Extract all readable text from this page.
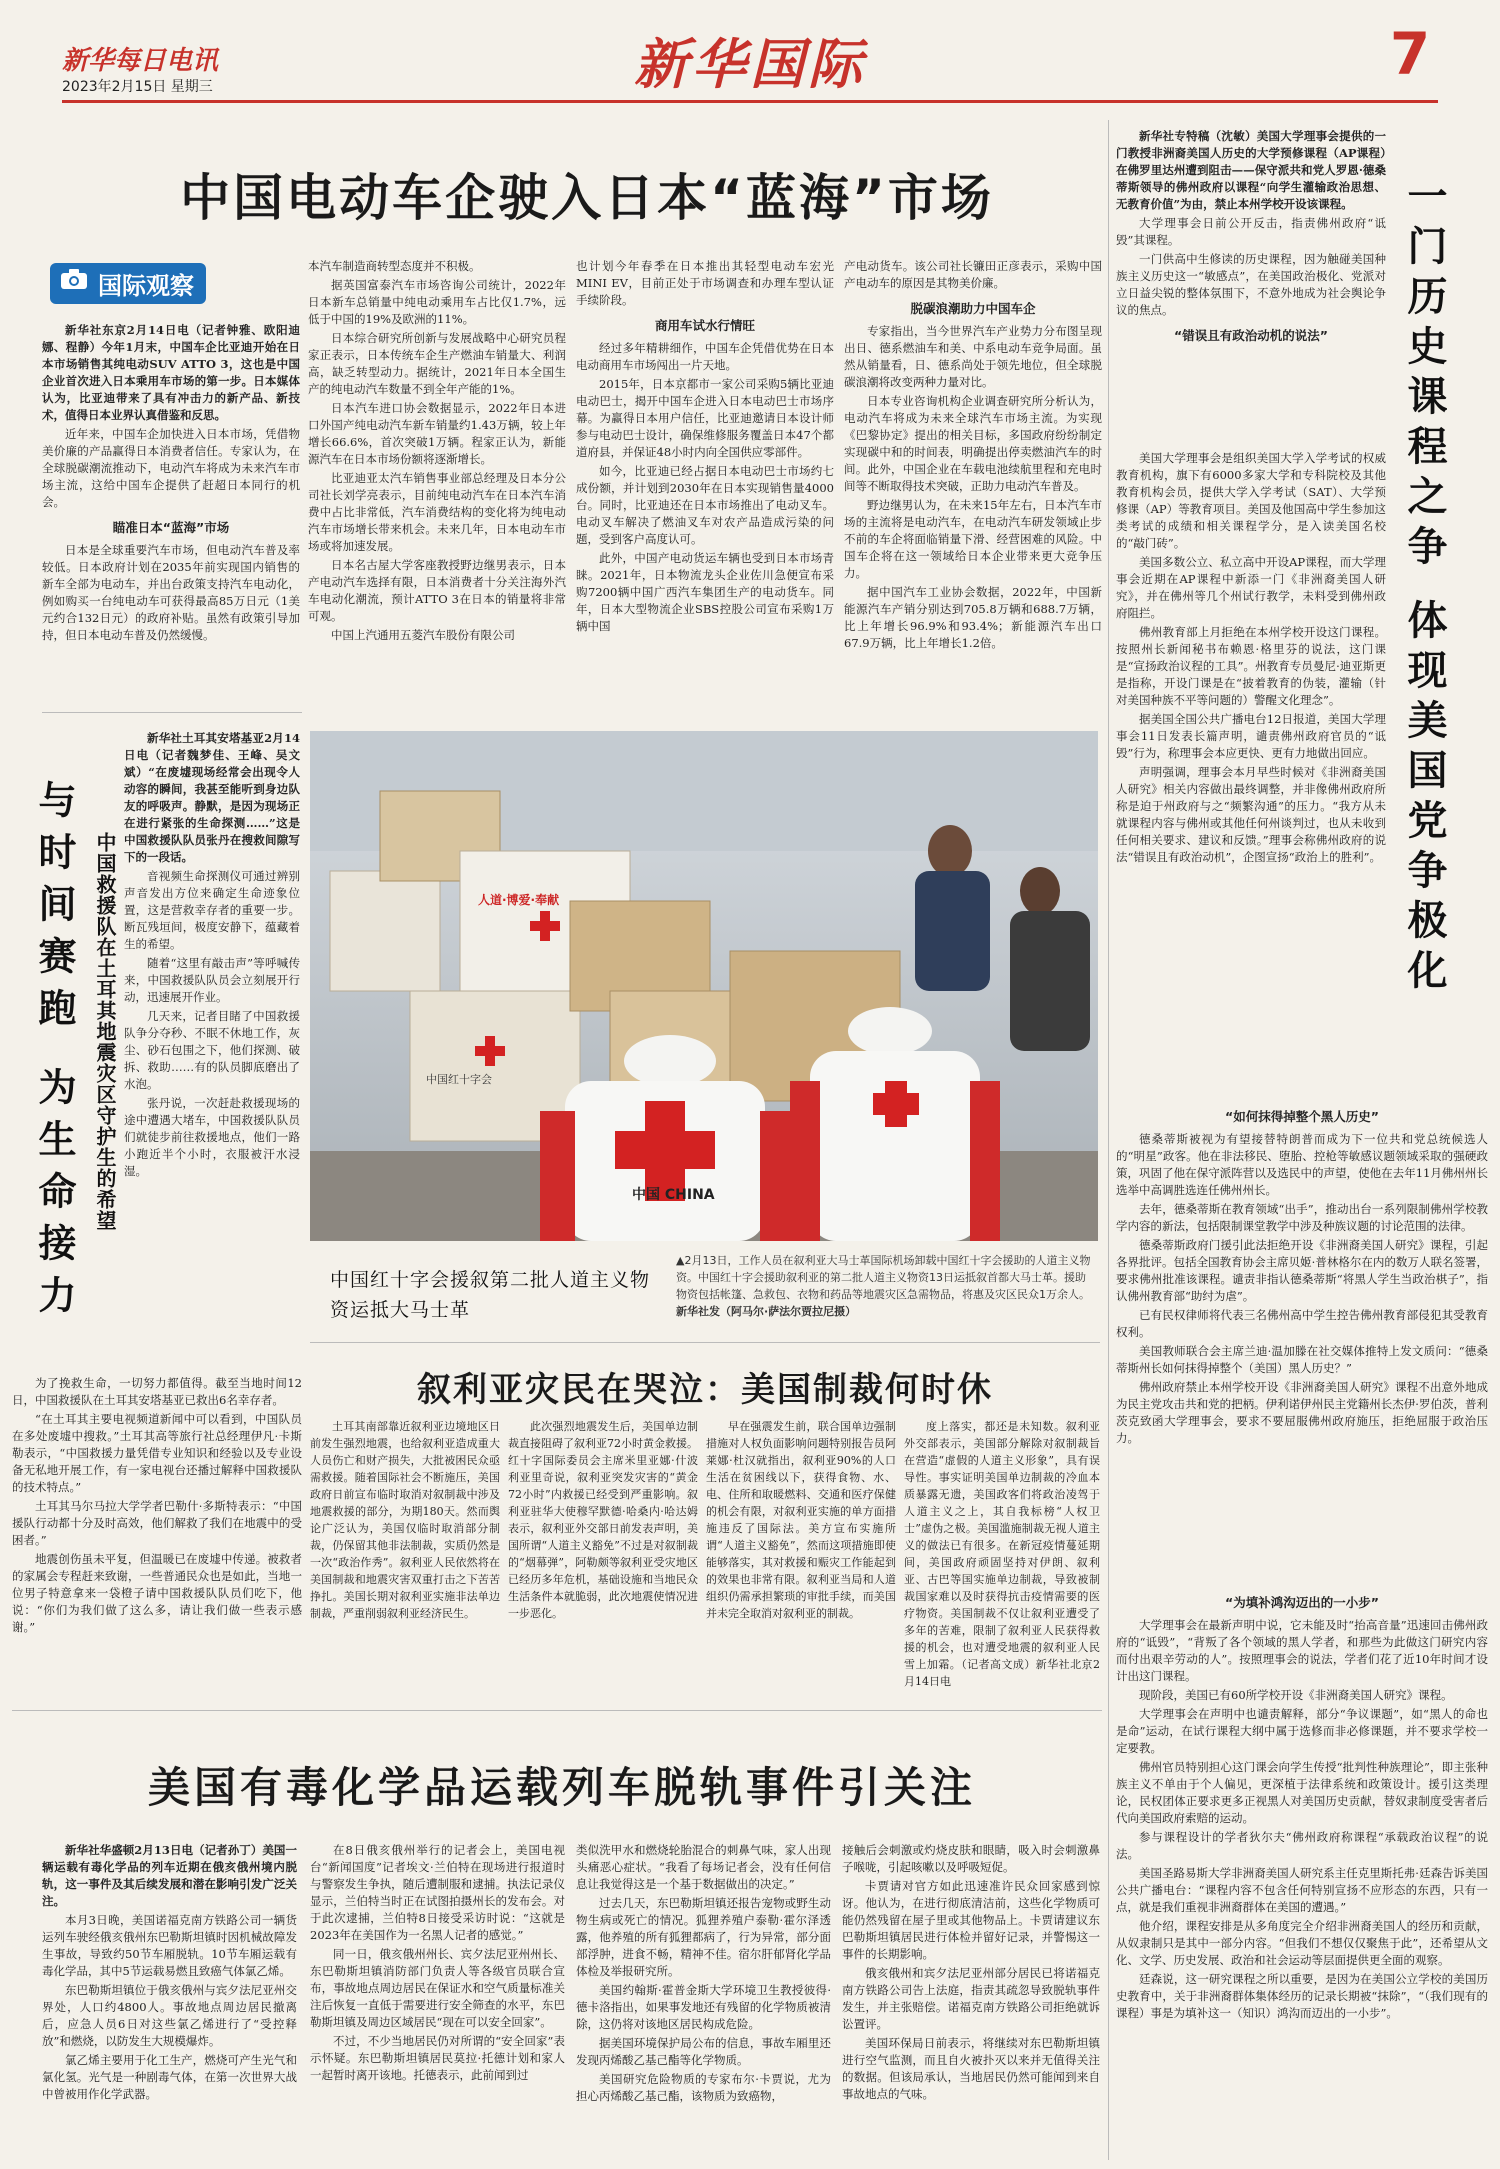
新华每日电讯
2023年2月15日 星期三	新华国际	7
中国电动车企驶入日本“蓝海”市场
国际观察

新华社东京2月14日电（记者钟雅、欧阳迪娜、程静）今年1月末，中国车企比亚迪开始在日本市场销售其纯电动SUV ATTO 3，这也是中国企业首次进入日本乘用车市场的第一步。日本媒体认为，比亚迪带来了具有冲击力的新产品、新技术，值得日本业界认真借鉴和反思。

近年来，中国车企加快进入日本市场，凭借物美价廉的产品赢得日本消费者信任。专家认为，在全球脱碳潮流推动下，电动汽车将成为未来汽车市场主流，这给中国车企提供了赶超日本同行的机会。

瞄准日本“蓝海”市场

日本是全球重要汽车市场，但电动汽车普及率较低。日本政府计划在2035年前实现国内销售的新车全部为电动车，并出台政策支持汽车电动化，例如购买一台纯电动车可获得最高85万日元（1美元约合132日元）的政府补贴。虽然有政策引导加持，但日本电动车普及仍然缓慢。

本汽车制造商转型态度并不积极。

据英国富泰汽车市场咨询公司统计，2022年日本新车总销量中纯电动乘用车占比仅1.7%，远低于中国的19%及欧洲的11%。

日本综合研究所创新与发展战略中心研究员程家正表示，日本传统车企生产燃油车销量大、利润高，缺乏转型动力。据统计，2021年日本全国生产的纯电动汽车数量不到全年产能的1%。

日本汽车进口协会数据显示，2022年日本进口外国产纯电动汽车新车销量约1.43万辆，较上年增长66.6%，首次突破1万辆。程家正认为，新能源汽车在日本市场份额将逐渐增长。

比亚迪亚太汽车销售事业部总经理及日本分公司社长刘学亮表示，目前纯电动汽车在日本汽车消费中占比非常低，汽车消费结构的变化将为纯电动汽车市场增长带来机会。未来几年，日本电动车市场或将加速发展。

日本名古屋大学客座教授野边继男表示，日本产电动汽车选择有限，日本消费者十分关注海外汽车电动化潮流，预计ATTO 3在日本的销量将非常可观。

中国上汽通用五菱汽车股份有限公司

也计划今年春季在日本推出其轻型电动车宏光MINI EV，目前正处于市场调查和办理车型认证手续阶段。

商用车试水行情旺

经过多年精耕细作，中国车企凭借优势在日本电动商用车市场闯出一片天地。

2015年，日本京都市一家公司采购5辆比亚迪电动巴士，揭开中国车企进入日本电动巴士市场序幕。为赢得日本用户信任，比亚迪邀请日本设计师参与电动巴士设计，确保维修服务覆盖日本47个都道府县，并保证48小时内向全国供应零部件。

如今，比亚迪已经占据日本电动巴士市场约七成份额，并计划到2030年在日本实现销售量4000台。同时，比亚迪还在日本市场推出了电动叉车。电动叉车解决了燃油叉车对农产品造成污染的问题，受到客户高度认可。

此外，中国产电动货运车辆也受到日本市场青睐。2021年，日本物流龙头企业佐川急便宣布采购7200辆中国广西汽车集团生产的电动货车。同年，日本大型物流企业SBS控股公司宣布采购1万辆中国

产电动货车。该公司社长镰田正彦表示，采购中国产电动车的原因是其物美价廉。

脱碳浪潮助力中国车企

专家指出，当今世界汽车产业势力分布图呈现出日、德系燃油车和美、中系电动车竞争局面。虽然从销量看，日、德系尚处于领先地位，但全球脱碳浪潮将改变两种力量对比。

日本专业咨询机构企业调查研究所分析认为，电动汽车将成为未来全球汽车市场主流。为实现《巴黎协定》提出的相关目标，多国政府纷纷制定实现碳中和的时间表，明确提出停卖燃油汽车的时间。此外，中国企业在车载电池续航里程和充电时间等不断取得技术突破，正助力电动汽车普及。

野边继男认为，在未来15年左右，日本汽车市场的主流将是电动汽车，在电动汽车研发领域止步不前的车企将面临销量下滑、经营困难的风险。中国车企将在这一领域给日本企业带来更大竞争压力。

据中国汽车工业协会数据，2022年，中国新能源汽车产销分别达到705.8万辆和688.7万辆，比上年增长96.9%和93.4%；新能源汽车出口67.9万辆，比上年增长1.2倍。

与时间赛跑 为生命接力 中国救援队在土耳其地震灾区守护生的希望

新华社土耳其安塔基亚2月14日电（记者魏梦佳、王峰、吴文斌）“在废墟现场经常会出现令人动容的瞬间，我甚至能听到身边队友的呼吸声。静默，是因为现场正在进行紧张的生命探测……”这是中国救援队队员张丹在搜救间隙写下的一段话。

音视频生命探测仪可通过辨别声音发出方位来确定生命迹象位置，这是营救幸存者的重要一步。断瓦残垣间，极度安静下，蕴藏着生的希望。

随着“这里有敲击声”等呼喊传来，中国救援队队员会立刻展开行动，迅速展开作业。

几天来，记者目睹了中国救援队争分夺秒、不眠不休地工作，灰尘、砂石包围之下，他们探测、破拆、救助……有的队员脚底磨出了水泡。

张丹说，一次赶赴救援现场的途中遭遇大堵车，中国救援队队员们就徒步前往救援地点，他们一路小跑近半个小时，衣服被汗水浸湿。

为了挽救生命，一切努力都值得。截至当地时间12日，中国救援队在土耳其安塔基亚已救出6名幸存者。

“在土耳其主要电视频道新闻中可以看到，中国队员在多处废墟中搜救。”土耳其高等旅行社总经理伊凡·卡斯勒表示，“中国救援力量凭借专业知识和经验以及专业设备无私地开展工作，有一家电视台还播过解释中国救援队的技术特点。”

土耳其马尔马拉大学学者巴勒什·多斯特表示：“中国援队行动都十分及时高效，他们解救了我们在地震中的受困者。”

地震创伤虽未平复，但温暖已在废墟中传递。被救者的家属会专程赶来致谢，一些普通民众也是如此，当地一位男子特意拿来一袋橙子请中国救援队队员们吃下，他说：“你们为我们做了这么多，请让我们做一些表示感谢。”

人道·博爱·奉献
中国红十字会
中国 CHINA
中国红十字会援叙第二批人道主义物资运抵大马士革
▲2月13日，工作人员在叙利亚大马士革国际机场卸载中国红十字会援助的人道主义物资。中国红十字会援助叙利亚的第二批人道主义物资13日运抵叙首都大马士革。援助物资包括帐篷、急救包、衣物和药品等地震灾区急需物品，将惠及灾区民众1万余人。 新华社发（阿马尔·萨法尔贾拉尼摄）
叙利亚灾民在哭泣：美国制裁何时休

土耳其南部靠近叙利亚边境地区日前发生强烈地震，也给叙利亚造成重大人员伤亡和财产损失，大批被困民众亟需救援。随着国际社会不断施压，美国政府日前宣布临时取消对叙制裁中涉及地震救援的部分，为期180天。然而舆论广泛认为，美国仅临时取消部分制裁，仍保留其他非法制裁，实质仍然是一次“政治作秀”。叙利亚人民依然将在美国制裁和地震灾害双重打击之下苦苦挣扎。美国长期对叙利亚实施非法单边制裁，严重削弱叙利亚经济民生。

此次强烈地震发生后，美国单边制裁直接阻碍了叙利亚72小时黄金救援。红十字国际委员会主席米里亚娜·什波利亚里奇说，叙利亚突发灾害的“黄金72小时”内救援已经受到严重影响。叙利亚驻华大使穆罕默德·哈桑内·哈达姆表示，叙利亚外交部日前发表声明，美国所谓“人道主义豁免”不过是对叙制裁的“烟幕弹”，阿勒颇等叙利亚受灾地区已经历多年危机，基础设施和当地民众生活条件本就脆弱，此次地震使情况进一步恶化。

早在强震发生前，联合国单边强制措施对人权负面影响问题特别报告员阿莱娜·杜汉就指出，叙利亚90%的人口生活在贫困线以下，获得食物、水、电、住所和取暖燃料、交通和医疗保健的机会有限，对叙利亚实施的单方面措施违反了国际法。美方宣布实施所谓“人道主义豁免”，然而这项措施即使能够落实，其对救援和赈灾工作能起到的效果也非常有限。叙利亚当局和人道组织仍需承担繁琐的审批手续，而美国并未完全取消对叙利亚的制裁。

度上落实，都还是未知数。叙利亚外交部表示，美国部分解除对叙制裁旨在营造“虚假的人道主义形象”，具有误导性。事实证明美国单边制裁的冷血本质暴露无遗，美国政客们将政治凌驾于人道主义之上，其自我标榜“人权卫士”虚伪之极。美国滥施制裁无视人道主义的做法已有很多。在新冠疫情蔓延期间，美国政府顽固坚持对伊朗、叙利亚、古巴等国实施单边制裁，导致被制裁国家难以及时获得抗击疫情需要的医疗物资。美国制裁不仅让叙利亚遭受了多年的苦难，限制了叙利亚人民获得救援的机会，也对遭受地震的叙利亚人民雪上加霜。（记者高文成）新华社北京2月14日电

美国有毒化学品运载列车脱轨事件引关注

新华社华盛顿2月13日电（记者孙丁）美国一辆运载有毒化学品的列车近期在俄亥俄州境内脱轨，这一事件及其后续发展和潜在影响引发广泛关注。

本月3日晚，美国诺福克南方铁路公司一辆货运列车驶经俄亥俄州东巴勒斯坦镇时因机械故障发生事故，导致约50节车厢脱轨。10节车厢运载有毒化学品，其中5节运载易燃且致癌气体氯乙烯。

东巴勒斯坦镇位于俄亥俄州与宾夕法尼亚州交界处，人口约4800人。事故地点周边居民撤离后，应急人员6日对这些氯乙烯进行了“受控释放”和燃烧，以防发生大规模爆炸。

氯乙烯主要用于化工生产，燃烧可产生光气和氯化氢。光气是一种剧毒气体，在第一次世界大战中曾被用作化学武器。

在8日俄亥俄州举行的记者会上，美国电视台“新闻国度”记者埃文·兰伯特在现场进行报道时与警察发生争执，随后遭制服和逮捕。执法记录仪显示，兰伯特当时正在试图拍摄州长的发布会。对于此次逮捕，兰伯特8日接受采访时说：“这就是2023年在美国作为一名黑人记者的感觉。”

同一日，俄亥俄州州长、宾夕法尼亚州州长、东巴勒斯坦镇消防部门负责人等各级官员联合宣布，事故地点周边居民在保证水和空气质量标准关注后恢复一直低于需要进行安全筛查的水平，东巴勒斯坦镇及周边区域居民“现在可以安全回家”。

不过，不少当地居民仍对所谓的“安全回家”表示怀疑。东巴勒斯坦镇居民莫拉·托德计划和家人一起暂时离开该地。托德表示，此前闻到过

类似洗甲水和燃烧轮胎混合的刺鼻气味，家人出现头痛恶心症状。“我看了每场记者会，没有任何信息让我觉得这是一个基于数据做出的决定。”

过去几天，东巴勒斯坦镇还报告宠物或野生动物生病或死亡的情况。狐狸养殖户泰勒·霍尔泽透露，他养殖的所有狐狸都病了，行为异常，部分面部浮肿，进食不畅，精神不佳。宿尔肝郁肾化学品体检及举报研究所。

美国约翰斯·霍普金斯大学环境卫生教授彼得·德卡洛指出，如果事发地还有残留的化学物质被清除，这仍将对该地区居民构成危险。

据美国环境保护局公布的信息，事故车厢里还发现丙烯酸乙基己酯等化学物质。

美国研究危险物质的专家布尔·卡贾说，尤为担心丙烯酸乙基己酯，该物质为致癌物，

接触后会刺激或灼烧皮肤和眼睛，吸入时会刺激鼻子喉咙，引起咳嗽以及呼吸短促。

卡贾请对官方如此迅速准许民众回家感到惊讶。他认为，在进行彻底清洁前，这些化学物质可能仍然残留在屋子里或其他物品上。卡贾请建议东巴勒斯坦镇居民进行体检并留好记录，并警惕这一事件的长期影响。

俄亥俄州和宾夕法尼亚州部分居民已将诺福克南方铁路公司告上法庭，指责其疏忽导致脱轨事件发生，并主张赔偿。诺福克南方铁路公司拒绝就诉讼置评。

美国环保局日前表示，将继续对东巴勒斯坦镇进行空气监测，而且自火被扑灭以来并无值得关注的数据。但该局承认，当地居民仍然可能闻到来自事故地点的气味。

一门历史课程之争 体现美国党争极化

新华社专特稿（沈敏）美国大学理事会提供的一门教授非洲裔美国人历史的大学预修课程（AP课程）在佛罗里达州遭到阻击——保守派共和党人罗恩·德桑蒂斯领导的佛州政府以课程“向学生灌输政治思想、无教育价值”为由，禁止本州学校开设该课程。

大学理事会日前公开反击，指责佛州政府“诋毁”其课程。

一门供高中生修读的历史课程，因为触碰美国种族主义历史这一“敏感点”，在美国政治极化、党派对立日益尖锐的整体氛围下，不意外地成为社会舆论争议的焦点。

“错误且有政治动机的说法”

美国大学理事会是组织美国大学入学考试的权威教育机构，旗下有6000多家大学和专科院校及其他教育机构会员，提供大学入学考试（SAT）、大学预修课（AP）等教育项目。美国及他国高中学生参加这类考试的成绩和相关课程学分，是入读美国名校的“敲门砖”。

美国多数公立、私立高中开设AP课程，而大学理事会近期在AP课程中新添一门《非洲裔美国人研究》，并在佛州等几个州试行教学，未料受到佛州政府阻拦。

佛州教育部上月拒绝在本州学校开设这门课程。按照州长新闻秘书布赖恩·格里芬的说法，这门课是“宣扬政治议程的工具”。州教育专员曼尼·迪亚斯更是指称，开设门课是在“披着教育的伪装，灌输（针对美国种族不平等问题的）警醒文化理念”。

据美国全国公共广播电台12日报道，美国大学理事会11日发表长篇声明，谴责佛州政府官员的“诋毁”行为，称理事会本应更快、更有力地做出回应。

声明强调，理事会本月早些时候对《非洲裔美国人研究》相关内容做出最终调整，并非像佛州政府所称是迫于州政府与之“频繁沟通”的压力。“我方从未就课程内容与佛州或其他任何州谈判过，也从未收到任何相关要求、建议和反馈。”理事会称佛州政府的说法“错误且有政治动机”，企图宣扬“政治上的胜利”。

“如何抹得掉整个黑人历史”

德桑蒂斯被视为有望接替特朗普而成为下一位共和党总统候选人的“明星”政客。他在非法移民、堕胎、控枪等敏感议题领域采取的强硬政策，巩固了他在保守派阵营以及选民中的声望，使他在去年11月佛州州长选举中高调胜选连任佛州州长。

去年，德桑蒂斯在教育领域“出手”，推动出台一系列限制佛州学校教学内容的新法，包括限制课堂教学中涉及种族议题的讨论范围的法律。

德桑蒂斯政府门援引此法拒绝开设《非洲裔美国人研究》课程，引起各界批评。包括全国教育协会主席贝姬·普林格尔在内的数万人联名签署，要求佛州批准该课程。谴责非指认德桑蒂斯“将黑人学生当政治棋子”，指认佛州教育部“助纣为虐”。

已有民权律师将代表三名佛州高中学生控告佛州教育部侵犯其受教育权利。

美国教师联合会主席兰迪·温加滕在社交媒体推特上发文质问：“德桑蒂斯州长如何抹得掉整个（美国）黑人历史？”

佛州政府禁止本州学校开设《非洲裔美国人研究》课程不出意外地成为民主党攻击共和党的把柄。伊利诺伊州民主党籍州长杰伊·罗伯茨，普利茨克致函大学理事会，要求不要屈服佛州政府施压，拒绝屈服于政治压力。

“为填补鸿沟迈出的一小步”

大学理事会在最新声明中说，它未能及时“抬高音量”迅速回击佛州政府的“诋毁”，“背叛了各个领域的黑人学者，和那些为此做这门研究内容而付出艰辛劳动的人”。按照理事会的说法，学者们花了近10年时间才设计出这门课程。

现阶段，美国已有60所学校开设《非洲裔美国人研究》课程。

大学理事会在声明中也谴责解释，部分“争议课题”，如“黑人的命也是命”运动，在试行课程大纲中属于选修而非必修课题，并不要求学校一定要教。

佛州官员特别担心这门课会向学生传授“批判性种族理论”，即主张种族主义不单由于个人偏见，更深植于法律系统和政策设计。援引这类理论，民权团体正要求更多正视黑人对美国历史贡献，替奴隶制度受害者后代向美国政府索赔的运动。

参与课程设计的学者狄尔夫“佛州政府称课程“承载政治议程”的说法。

美国圣路易斯大学非洲裔美国人研究系主任克里斯托弗·廷森告诉美国公共广播电台：“课程内容不包含任何特别宣扬不应形态的东西，只有一点，就是我们重视非洲裔群体在美国的遭遇。”

他介绍，课程安排是从多角度完全介绍非洲裔美国人的经历和贡献，从奴隶制只是其中一部分内容。“但我们不想仅仅聚焦于此”，还希望从文化、文学、历史发展、政治和社会运动等层面提供更全面的观察。

廷森说，这一研究课程之所以重要，是因为在美国公立学校的美国历史教育中，关于非洲裔群体集体经历的记录长期被“抹除”，“（我们现有的课程）事是为填补这一（知识）鸿沟而迈出的一小步”。
